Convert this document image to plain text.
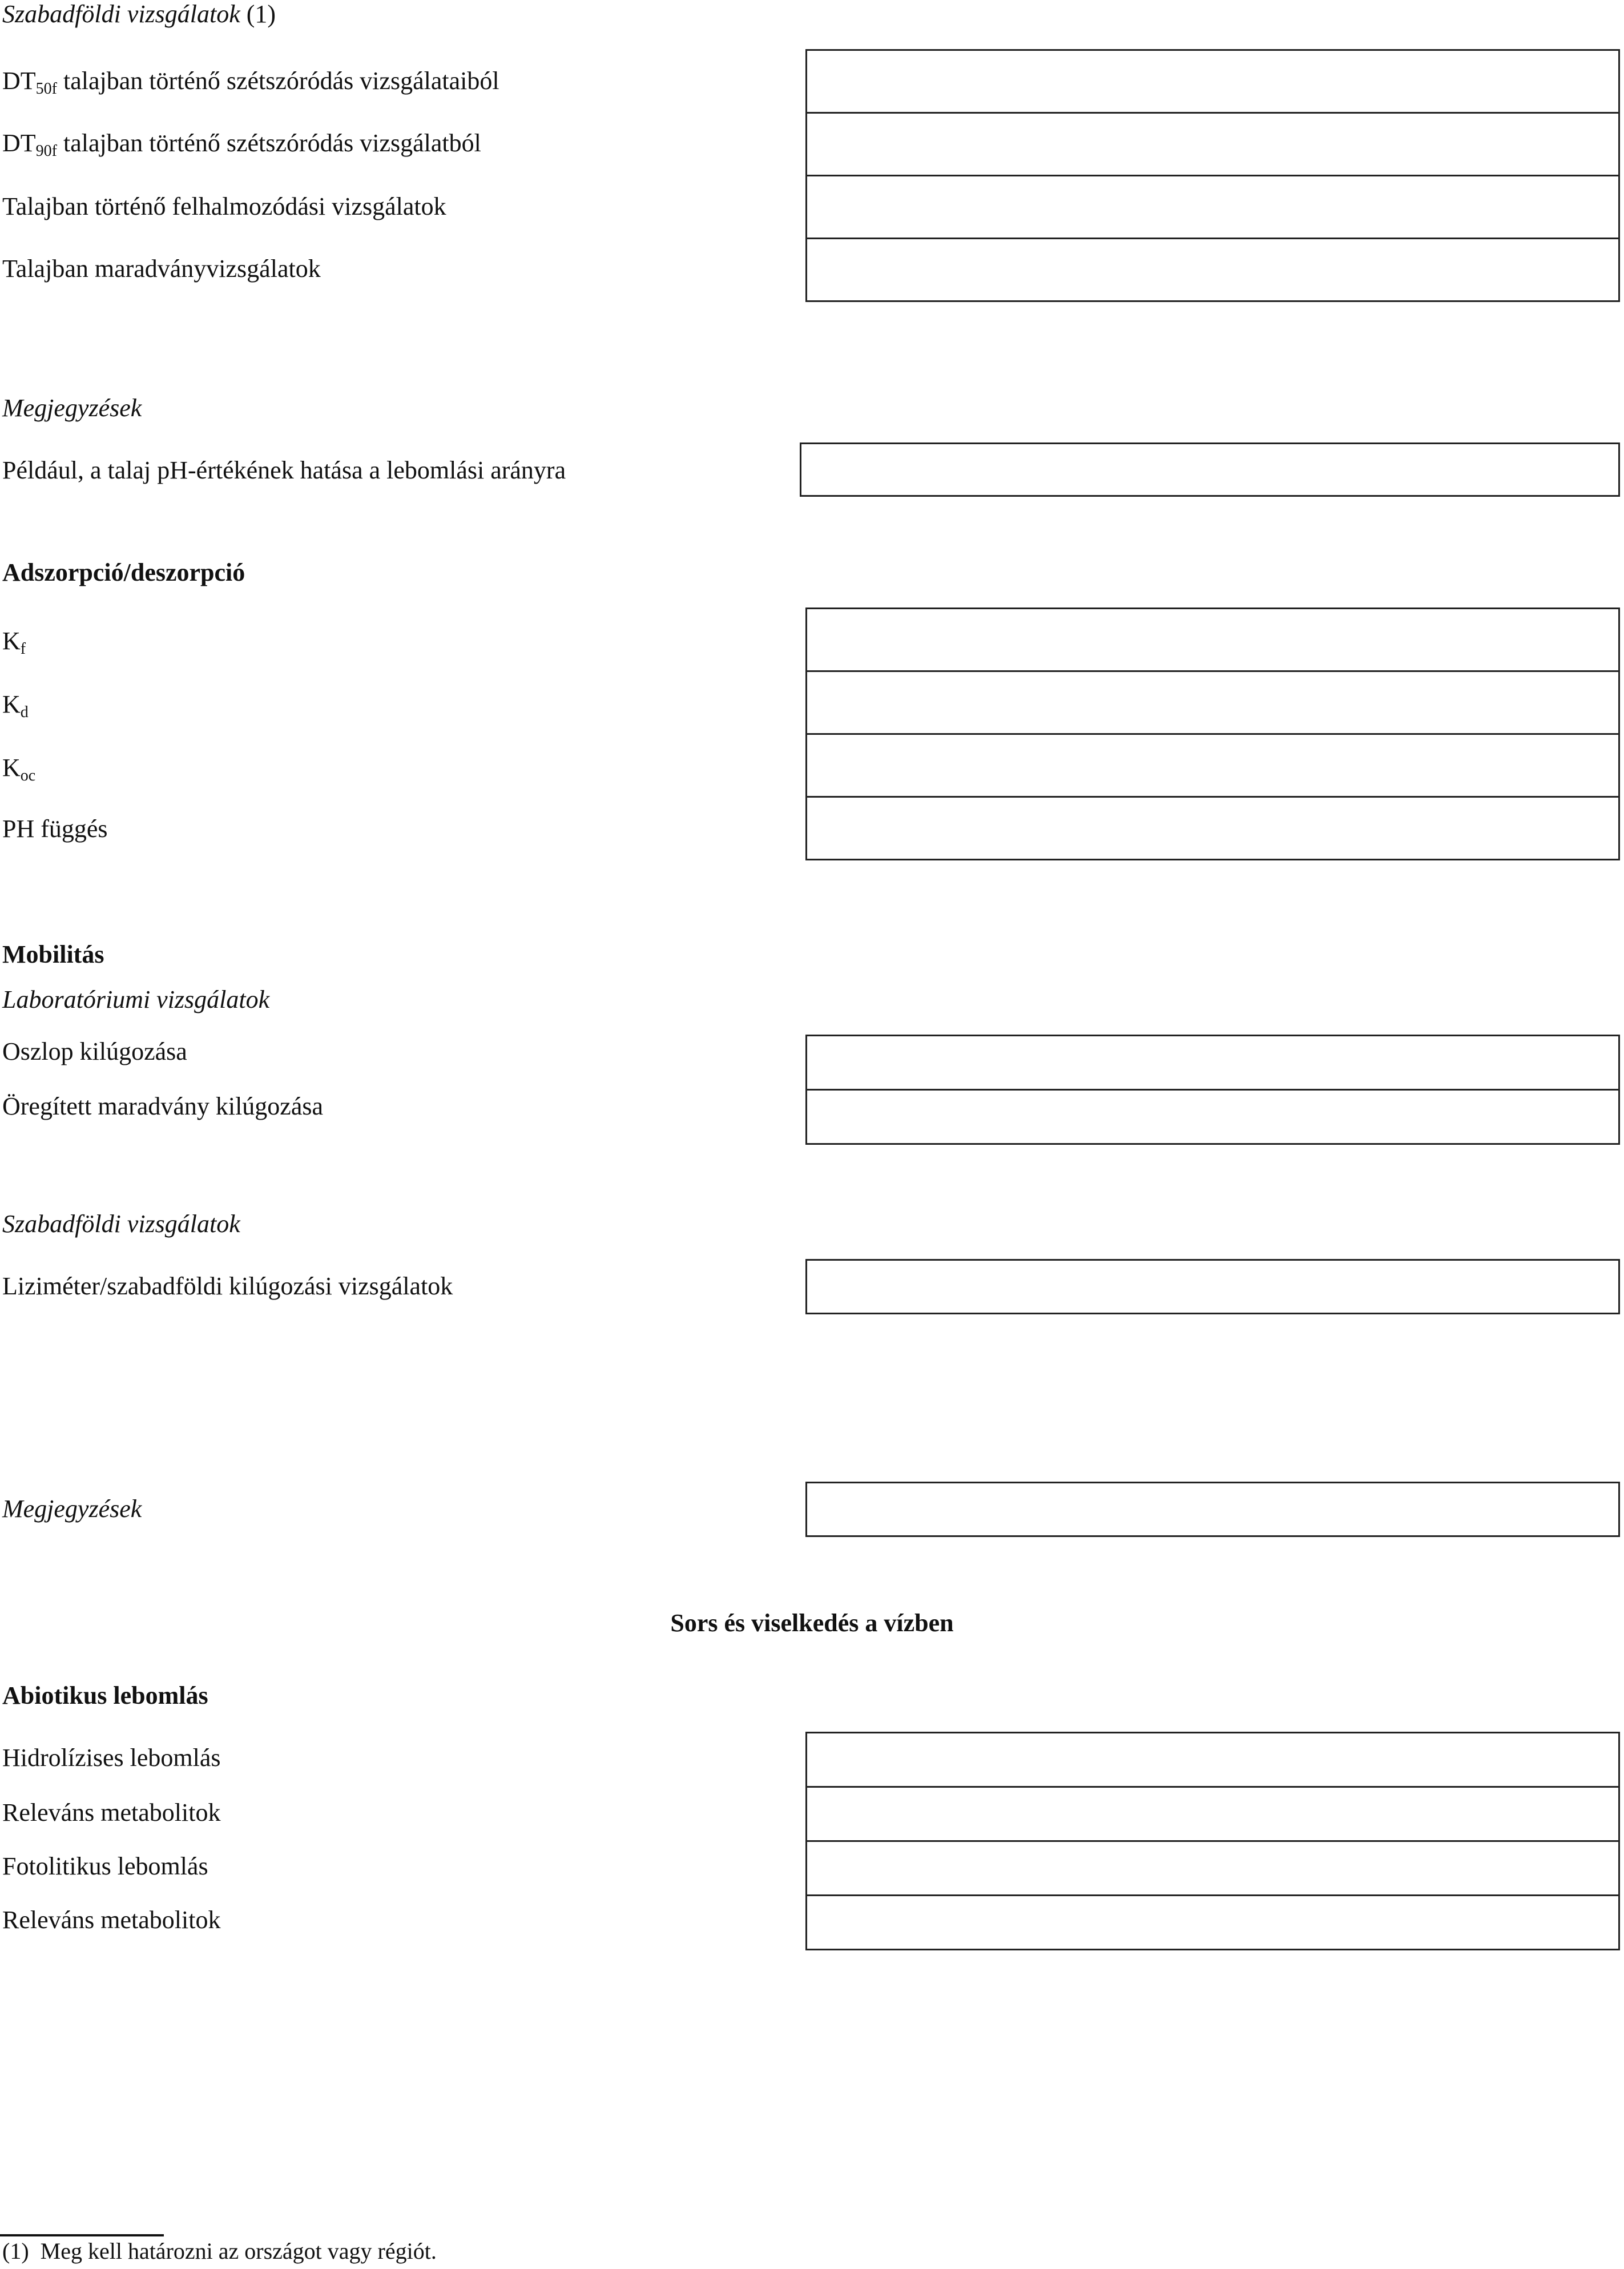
Szabadföldi vizsgálatok (1)
$DT_{50f}$ talajban történő szétszóródás vizsgálataiból
$DT_{90f}$ talajban történő szétszóródás vizsgálatból
Talajban történő felhalmozódási vizsgálatok
Talajban maradványvizsgálatok
Megjegyzések
Például, a talaj pH-értékének hatása a lebomlási arányra
Adszorpció/deszorpció
$K_f$
$K_d$
$K_{oc}$
PH függés
Mobilitás
Laboratóriumi vizsgálatok
Oszlop kilúgozása
Öregített maradvány kilúgozása
Szabadföldi vizsgálatok
Liziméter/szabadföldi kilúgozási vizsgálatok
Megjegyzések
Sors és viselkedés a vízben
Abiotikus lebomlás
Hidrolízises lebomlás
Releváns metabolitok
Fotolitikus lebomlás
Releváns metabolitok
(1) Meg kell határozni az országot vagy régiót.
